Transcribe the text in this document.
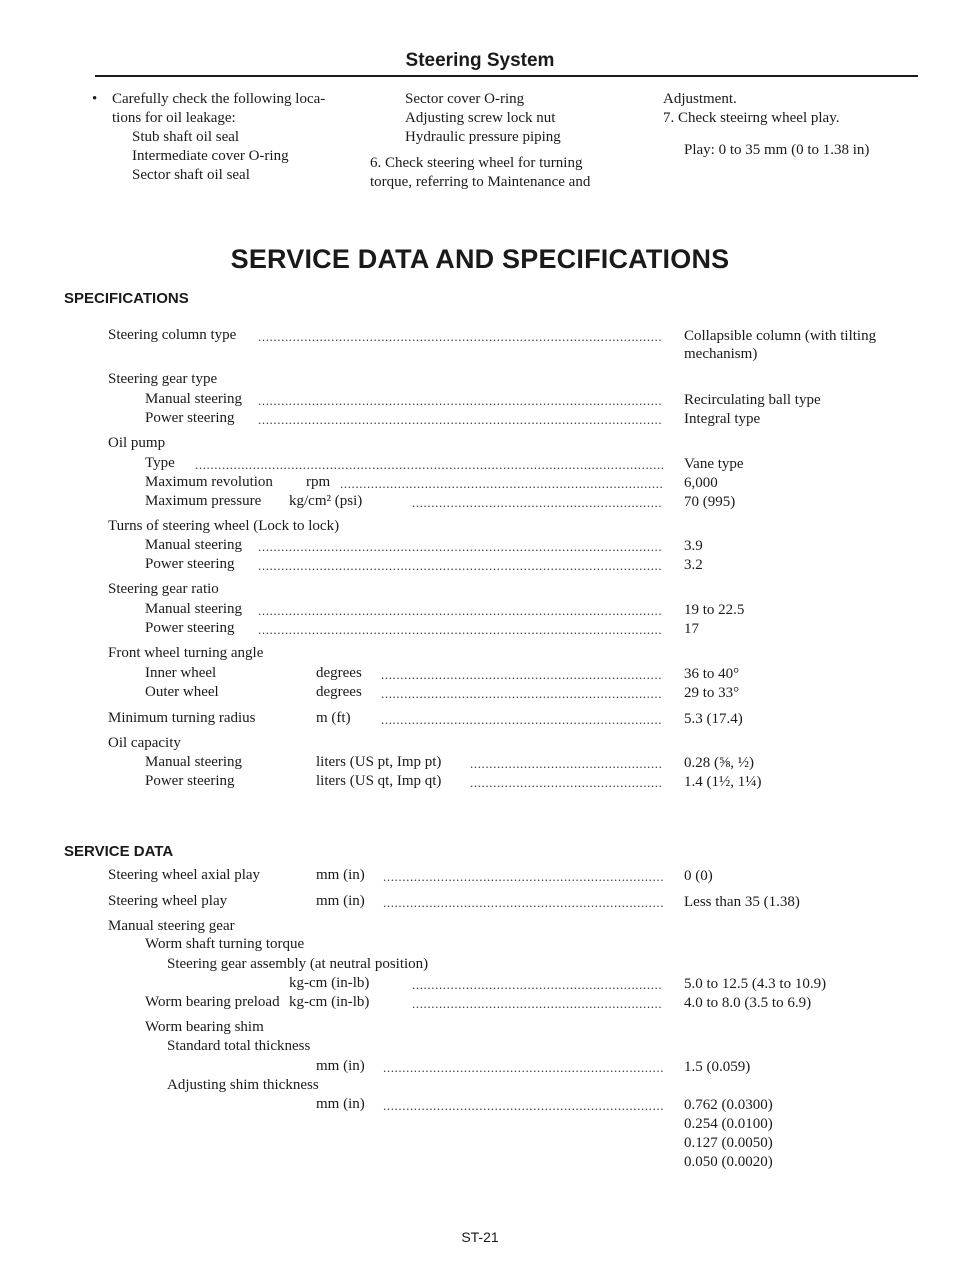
Steering System
• Carefully check the following loca-
tions for oil leakage:
Stub shaft oil seal
Intermediate cover O-ring
Sector shaft oil seal
Sector cover O-ring
Adjusting screw lock nut
Hydraulic pressure piping
6. Check steering wheel for turning
torque, referring to Maintenance and
Adjustment.
7. Check steeirng wheel play.
Play: 0 to 35 mm (0 to 1.38 in)
SERVICE DATA AND SPECIFICATIONS
SPECIFICATIONS
Steering column type .....	Collapsible column (with tilting
mechanism)
Steering gear type
Manual steering .....	Recirculating ball type
Power steering .....	Integral type
Oil pump
Type .....	Vane type
Maximum revolution rpm .....	6,000
Maximum pressure kg/cm² (psi) .....	70 (995)
Turns of steering wheel (Lock to lock)
Manual steering .....	3.9
Power steering .....	3.2
Steering gear ratio
Manual steering .....	19 to 22.5
Power steering .....	17
Front wheel turning angle
Inner wheel	degrees .....	36 to 40°
Outer wheel	degrees .....	29 to 33°
Minimum turning radius	m (ft) .....	5.3 (17.4)
Oil capacity
Manual steering	liters (US pt, Imp pt) .....	0.28 (⅝, ½)
Power steering	liters (US qt, Imp qt) .....	1.4 (1½, 1¼)
SERVICE DATA
Steering wheel axial play	mm (in) .....	0 (0)
Steering wheel play	mm (in) .....	Less than 35 (1.38)
Manual steering gear
Worm shaft turning torque
Steering gear assembly (at neutral position)
kg-cm (in-lb) .....	5.0 to 12.5 (4.3 to 10.9)
Worm bearing preload kg-cm (in-lb) .....	4.0 to 8.0 (3.5 to 6.9)
Worm bearing shim
Standard total thickness
mm (in) .....	1.5 (0.059)
Adjusting shim thickness
mm (in) .....	0.762 (0.0300)
0.254 (0.0100)
0.127 (0.0050)
0.050 (0.0020)
ST-21
